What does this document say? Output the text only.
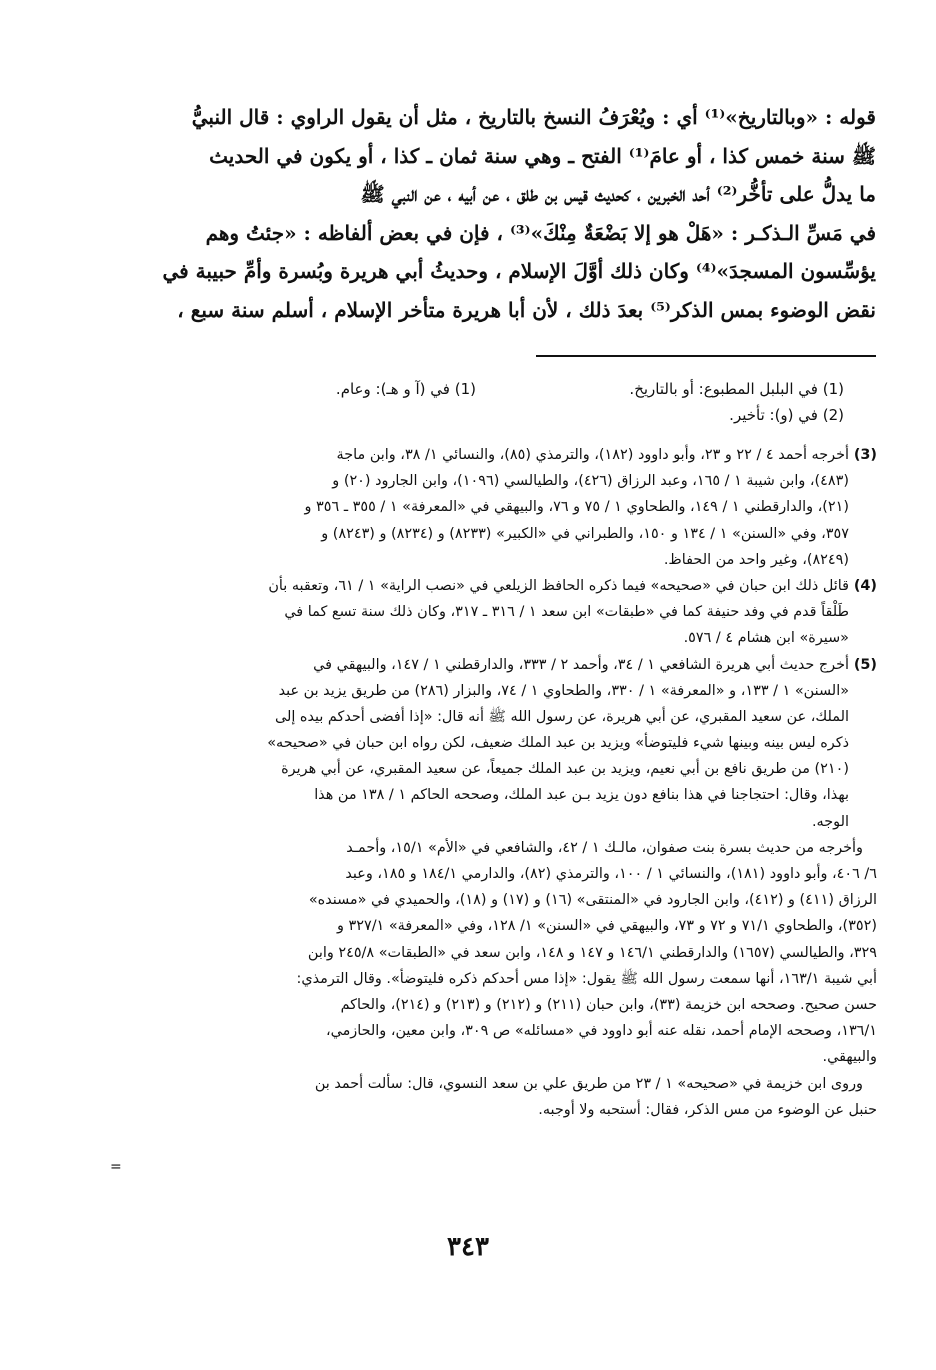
قوله : «وبالتاريخ»⁽¹⁾ أي : ويُعْرَفُ النسخ بالتاريخ ، مثل أن يقول الراوي : قال النبيُّ
ﷺ سنة خمس كذا ، أو عامَ⁽¹⁾ الفتح ـ وهي سنة ثمان ـ كذا ، أو يكون في الحديث
ما يدلُّ على تأخُّر⁽²⁾ أحد الخبرين ، كحديث قيس بن طلق ، عن أبيه ، عن النبي ﷺ
في مَسِّ الـذكـر : «هَلْ هو إلا بَضْعَةٌ مِنْكَ»⁽³⁾ ، فإن في بعض ألفاظه : «جئتُ وهم
يؤسِّسون المسجدَ»⁽⁴⁾ وكان ذلك أوَّلَ الإسلام ، وحديثُ أبي هريرة وبُسرة وأمِّ حبيبة في
نقض الوضوء بمس الذكر⁽⁵⁾ بعدَ ذلك ، لأن أبا هريرة متأخر الإسلام ، أسلم سنة سبع ،
(1) في البلبل المطبوع: أو بالتاريخ.
(2) في (و): تأخير.
(1) في (آ و هـ): وعام.
(3)
أخرجه أحمد ٤ / ٢٢ و ٢٣، وأبو داوود (١٨٢)، والترمذي (٨٥)، والنسائي ١/ ٣٨، وابن ماجة
(٤٨٣)، وابن شيبة ١ / ١٦٥، وعبد الرزاق (٤٢٦)، والطيالسي (١٠٩٦)، وابن الجارود (٢٠) و
(٢١)، والدارقطني ١ / ١٤٩، والطحاوي ١ / ٧٥ و ٧٦، والبيهقي في «المعرفة» ١ / ٣٥٥ ـ ٣٥٦ و
٣٥٧، وفي «السنن» ١ / ١٣٤ و ١٥٠، والطبراني في «الكبير» (٨٢٣٣) و (٨٢٣٤) و (٨٢٤٣) و
(٨٢٤٩)، وغير واحد من الحفاظ.
(4)
قائل ذلك ابن حبان في «صحيحه» فيما ذكره الحافظ الزيلعي في «نصب الراية» ١ / ٦١، وتعقبه بأن
طَلْقاً قدم في وفد حنيفة كما في «طبقات» ابن سعد ١ / ٣١٦ ـ ٣١٧، وكان ذلك سنة تسع كما في
«سيرة» ابن هشام ٤ / ٥٧٦.
(5)
أخرج حديث أبي هريرة الشافعي ١ / ٣٤، وأحمد ٢ / ٣٣٣، والدارقطني ١ / ١٤٧، والبيهقي في
«السنن» ١ / ١٣٣، و «المعرفة» ١ / ٣٣٠، والطحاوي ١ / ٧٤، والبزار (٢٨٦) من طريق يزيد بن عبد
الملك، عن سعيد المقبري، عن أبي هريرة، عن رسول الله ﷺ أنه قال: «إذا أفضى أحدكم بيده إلى
ذكره ليس بينه وبينها شيء فليتوضأ» ويزيد بن عبد الملك ضعيف، لكن رواه ابن حبان في «صحيحه»
(٢١٠) من طريق نافع بن أبي نعيم، ويزيد بن عبد الملك جميعاً، عن سعيد المقبري، عن أبي هريرة
بهذا، وقال: احتجاجنا في هذا بنافع دون يزيد بـن عبد الملك، وصححه الحاكم ١ / ١٣٨ من هذا
الوجه.
وأخرجه من حديث بسرة بنت صفوان، مالـك ١ / ٤٢، والشافعي في «الأم» ١٥/١، وأحمـد
٦/ ٤٠٦، وأبو داوود (١٨١)، والنسائي ١ / ١٠٠، والترمذي (٨٢)، والدارمي ١٨٤/١ و ١٨٥، وعبد
الرزاق (٤١١) و (٤١٢)، وابن الجارود في «المنتقى» (١٦) و (١٧) و (١٨)، والحميدي في «مسنده»
(٣٥٢)، والطحاوي ٧١/١ و ٧٢ و ٧٣، والبيهقي في «السنن» ١/ ١٢٨، وفي «المعرفة» ٣٢٧/١ و
٣٢٩، والطيالسي (١٦٥٧) والدارقطني ١٤٦/١ و ١٤٧ و ١٤٨، وابن سعد في «الطبقات» ٢٤٥/٨ وابن
أبي شيبة ١٦٣/١، أنها سمعت رسول الله ﷺ يقول: «إذا مس أحدكم ذكره فليتوضأ». وقال الترمذي:
حسن صحيح. وصححه ابن خزيمة (٣٣)، وابن حبان (٢١١) و (٢١٢) و (٢١٣) و (٢١٤)، والحاكم
١٣٦/١، وصححه الإمام أحمد، نقله عنه أبو داوود في «مسائله» ص ٣٠٩، وابن معين، والحازمي،
والبيهقي.
وروى ابن خزيمة في «صحيحه» ١ / ٢٣ من طريق علي بن سعد النسوي، قال: سألت أحمد بن
حنبل عن الوضوء من مس الذكر، فقال: أستحبه ولا أوجبه.
=
٣٤٣
